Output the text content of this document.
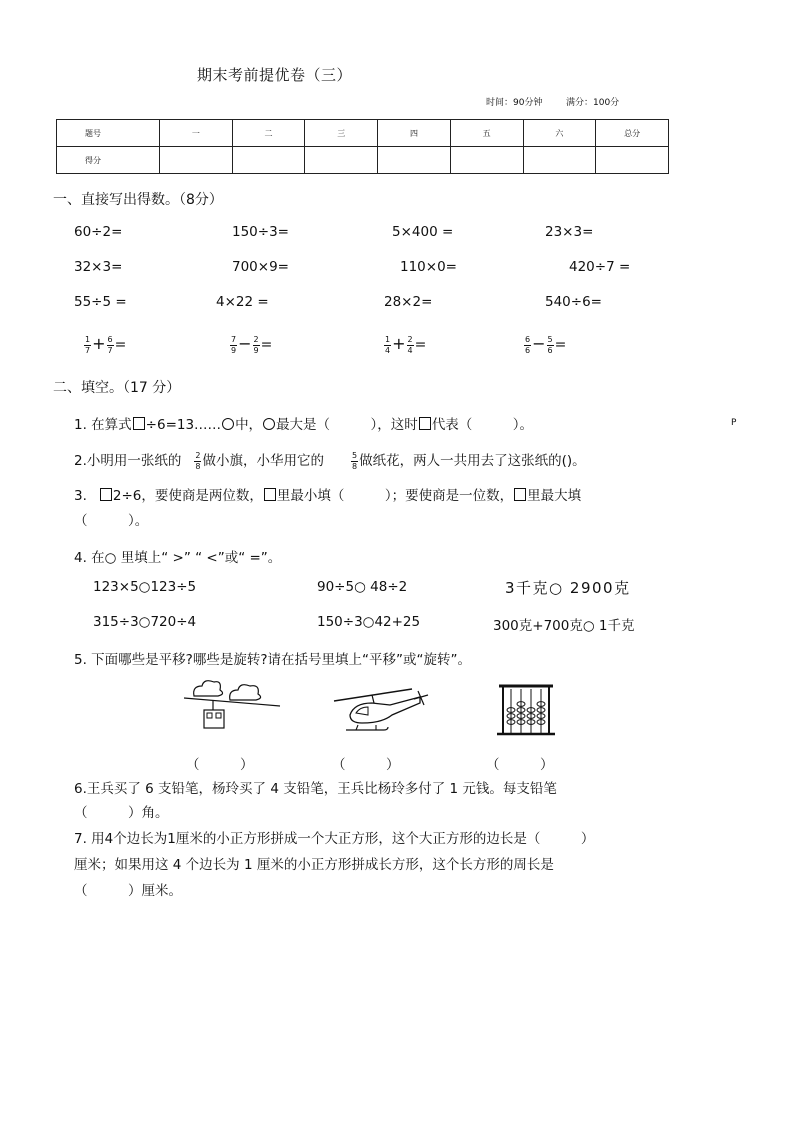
期末考前提优卷（三）
时间：90分钟	满分：100分
题号	一	二	三	四	五	六	总分
得分							
一、直接写出得数。（8分）
60÷2=	150÷3=	5×400 =	23×3=
32×3=	700×9=	110×0=	420÷7 =
55÷5 =	4×22 =	28×2=	540÷6=
$\frac{1}{7} + \frac{6}{7}$ =	$\frac{7}{9} - \frac{2}{9}$ =	$\frac{1}{4} + \frac{2}{4}$ =	$\frac{6}{6} - \frac{5}{6}$ =
二、填空。（17 分）
1. 在算式 ÷6=13…… 中， 最大是（　　　），这时 代表（　　　）。	P
2.小明用一张纸的 $\frac{2}{8}$ 做小旗，小华用它的	$\frac{5}{8}$ 做纸花，两人一共用去了这张纸的()。
3. 2÷6，要使商是两位数， 里最小填（　　　）；要使商是一位数， 里最大填
（　　　）。
4. 在○ 里填上“ >” “ <”或“ =”。
123×5○123÷5	90÷5○ 48÷2	3千克○ 2900克
315÷3○720÷4	150÷3○42+25	300克+700克○ 1千克
5. 下面哪些是平移?哪些是旋转?请在括号里填上“平移”或“旋转”。
（　　　）	（　　　）	（　　　）
6.王兵买了 6 支铅笔，杨玲买了 4 支铅笔，王兵比杨玲多付了 1 元钱。每支铅笔
（　　　）角。
7. 用4个边长为1厘米的小正方形拼成一个大正方形，这个大正方形的边长是（　　　）
厘米；如果用这 4 个边长为 1 厘米的小正方形拼成长方形，这个长方形的周长是
（　　　）厘米。
